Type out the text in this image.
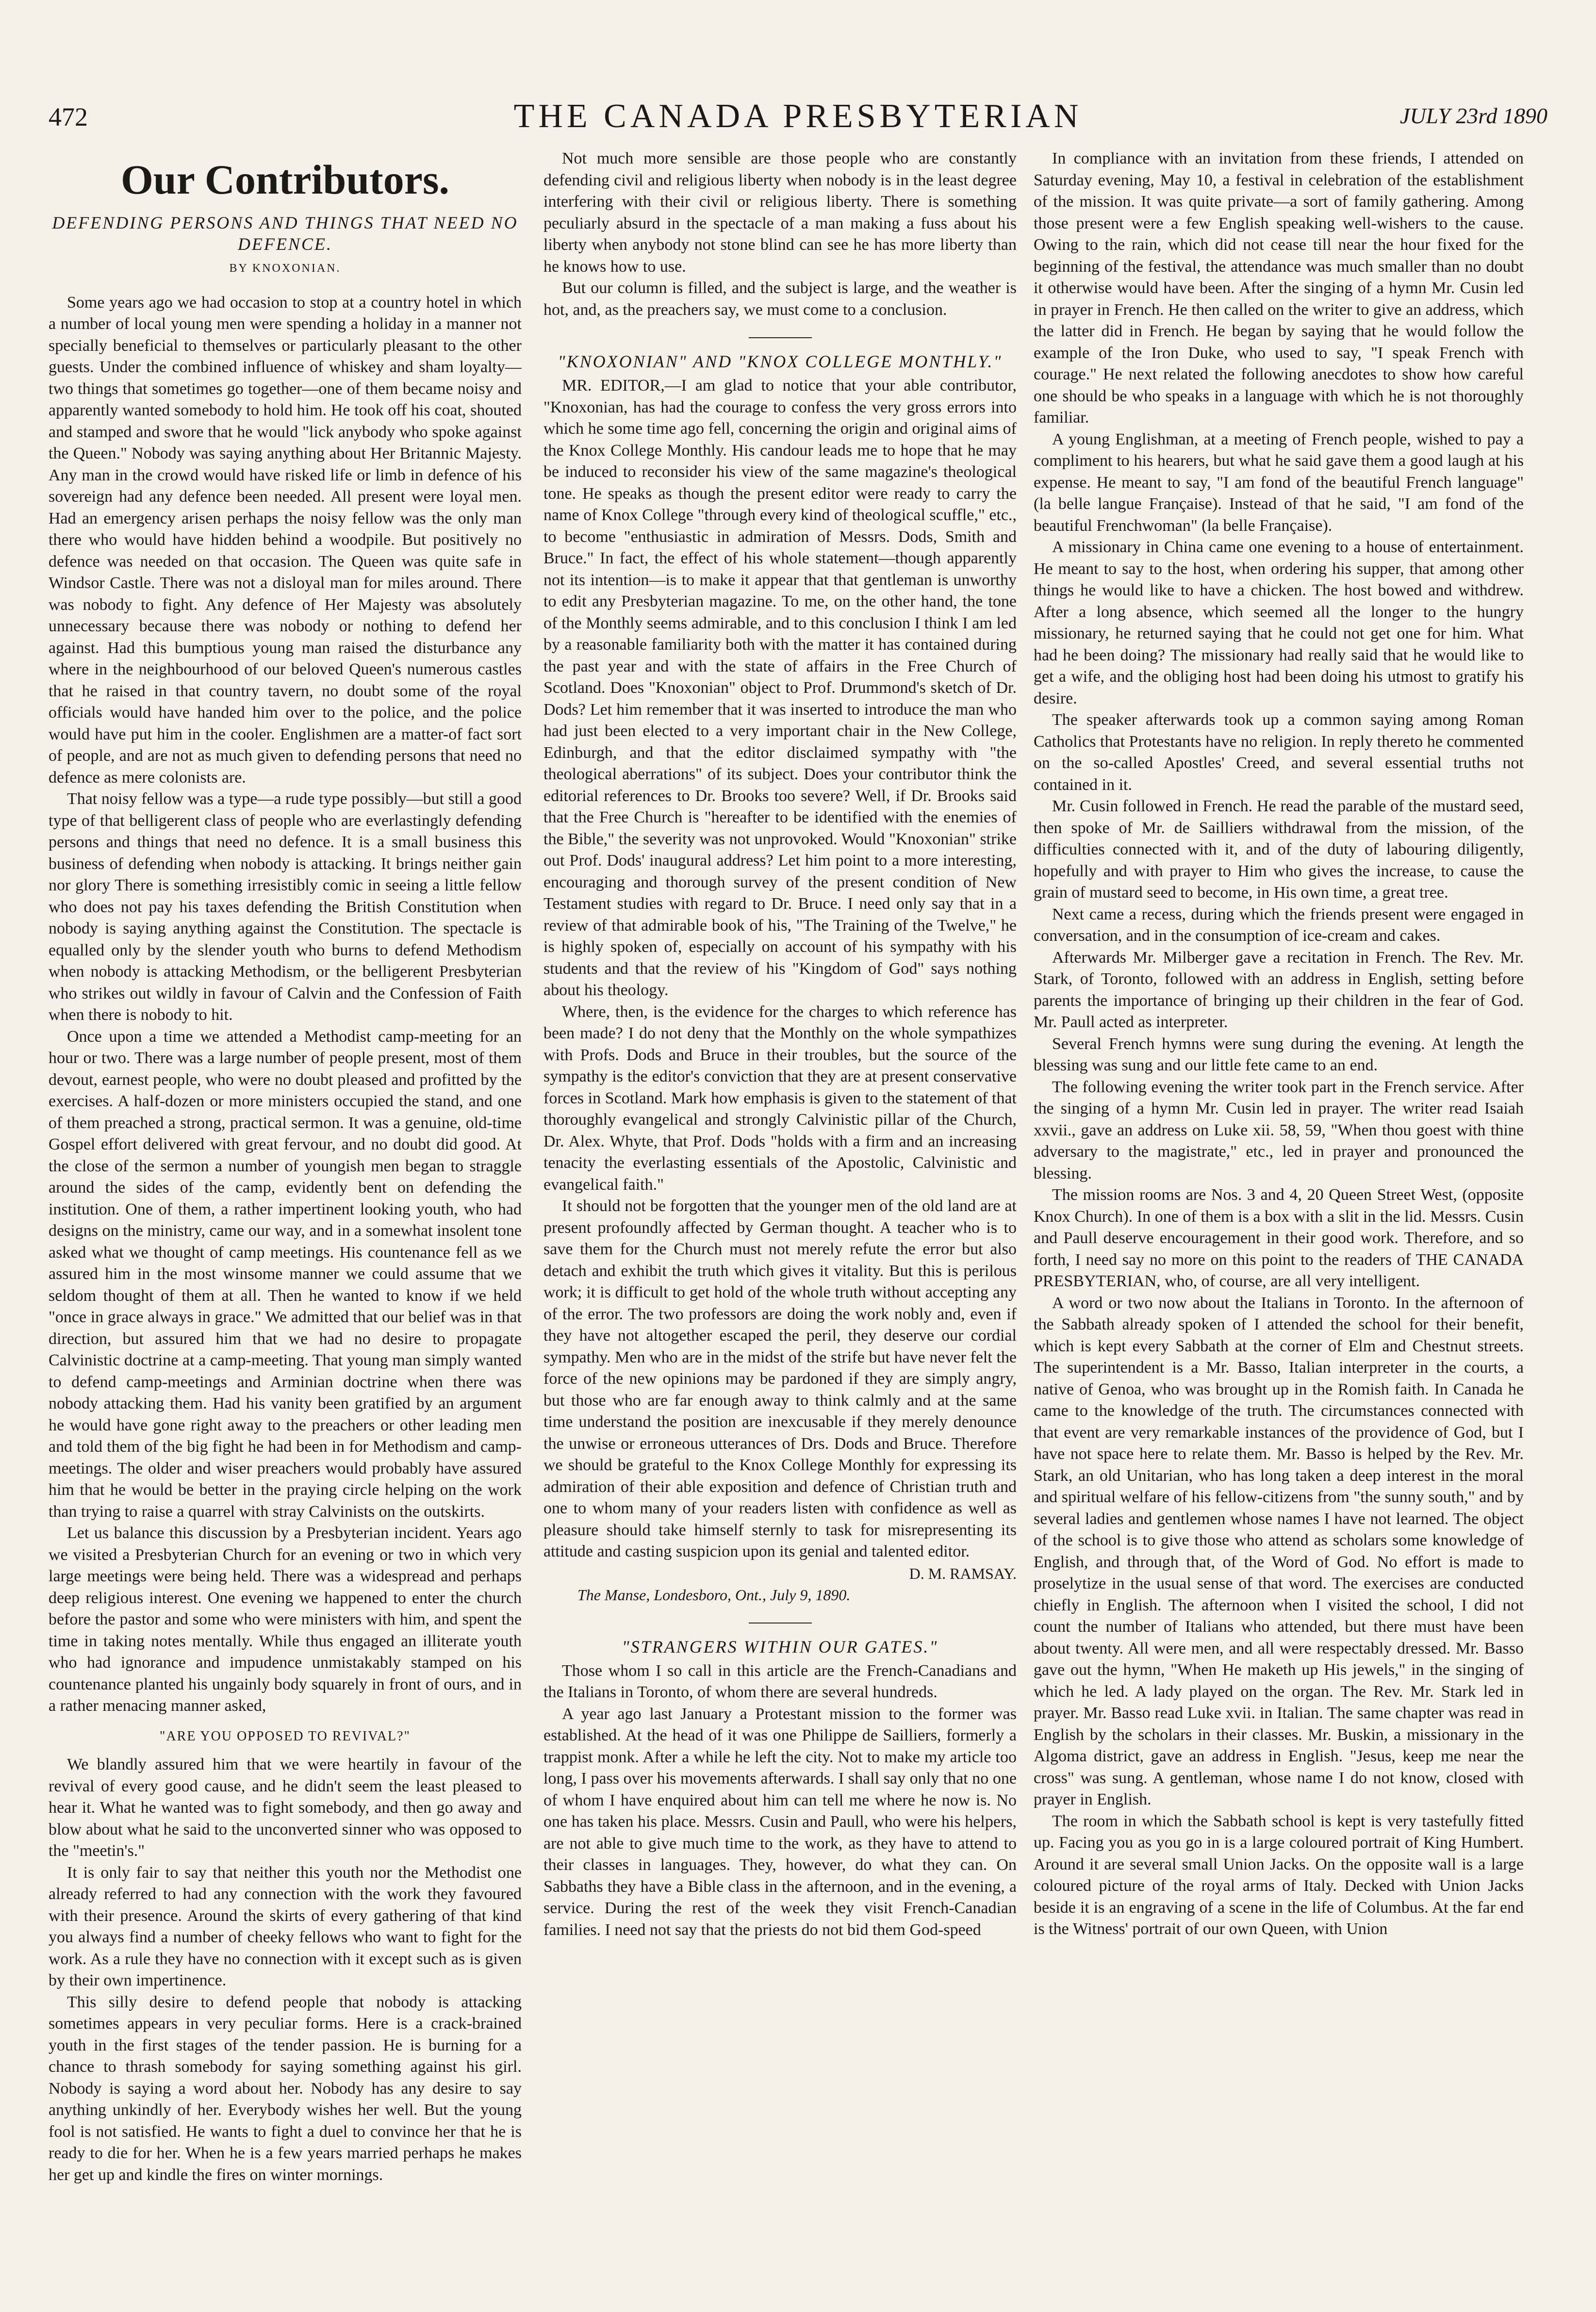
472	THE CANADA PRESBYTERIAN	JULY 23rd 1890
Our Contributors.
DEFENDING PERSONS AND THINGS THAT NEED NO DEFENCE.
BY KNOXONIAN.

Some years ago we had occasion to stop at a country hotel in which a number of local young men were spending a holiday in a manner not specially beneficial to themselves or particularly pleasant to the other guests. Under the combined influence of whiskey and sham loyalty—two things that sometimes go together—one of them became noisy and apparently wanted somebody to hold him. He took off his coat, shouted and stamped and swore that he would "lick anybody who spoke against the Queen." Nobody was saying anything about Her Britannic Majesty. Any man in the crowd would have risked life or limb in defence of his sovereign had any defence been needed. All present were loyal men. Had an emergency arisen perhaps the noisy fellow was the only man there who would have hidden behind a woodpile. But positively no defence was needed on that occasion. The Queen was quite safe in Windsor Castle. There was not a disloyal man for miles around. There was nobody to fight. Any defence of Her Majesty was absolutely unnecessary because there was nobody or nothing to defend her against. Had this bumptious young man raised the disturbance any where in the neighbourhood of our beloved Queen's numerous castles that he raised in that country tavern, no doubt some of the royal officials would have handed him over to the police, and the police would have put him in the cooler. Englishmen are a matter-of fact sort of people, and are not as much given to defending persons that need no defence as mere colonists are.

That noisy fellow was a type—a rude type possibly—but still a good type of that belligerent class of people who are everlastingly defending persons and things that need no defence. It is a small business this business of defending when nobody is attacking. It brings neither gain nor glory There is something irresistibly comic in seeing a little fellow who does not pay his taxes defending the British Constitution when nobody is saying anything against the Constitution. The spectacle is equalled only by the slender youth who burns to defend Methodism when nobody is attacking Methodism, or the belligerent Presbyterian who strikes out wildly in favour of Calvin and the Confession of Faith when there is nobody to hit.

Once upon a time we attended a Methodist camp-meeting for an hour or two. There was a large number of people present, most of them devout, earnest people, who were no doubt pleased and profitted by the exercises. A half-dozen or more ministers occupied the stand, and one of them preached a strong, practical sermon. It was a genuine, old-time Gospel effort delivered with great fervour, and no doubt did good. At the close of the sermon a number of youngish men began to straggle around the sides of the camp, evidently bent on defending the institution. One of them, a rather impertinent looking youth, who had designs on the ministry, came our way, and in a somewhat insolent tone asked what we thought of camp meetings. His countenance fell as we assured him in the most winsome manner we could assume that we seldom thought of them at all. Then he wanted to know if we held "once in grace always in grace." We admitted that our belief was in that direction, but assured him that we had no desire to propagate Calvinistic doctrine at a camp-meeting. That young man simply wanted to defend camp-meetings and Arminian doctrine when there was nobody attacking them. Had his vanity been gratified by an argument he would have gone right away to the preachers or other leading men and told them of the big fight he had been in for Methodism and camp-meetings. The older and wiser preachers would probably have assured him that he would be better in the praying circle helping on the work than trying to raise a quarrel with stray Calvinists on the outskirts.

Let us balance this discussion by a Presbyterian incident. Years ago we visited a Presbyterian Church for an evening or two in which very large meetings were being held. There was a widespread and perhaps deep religious interest. One evening we happened to enter the church before the pastor and some who were ministers with him, and spent the time in taking notes mentally. While thus engaged an illiterate youth who had ignorance and impudence unmistakably stamped on his countenance planted his ungainly body squarely in front of ours, and in a rather menacing manner asked,

"ARE YOU OPPOSED TO REVIVAL?"

We blandly assured him that we were heartily in favour of the revival of every good cause, and he didn't seem the least pleased to hear it. What he wanted was to fight somebody, and then go away and blow about what he said to the unconverted sinner who was opposed to the "meetin's."

It is only fair to say that neither this youth nor the Methodist one already referred to had any connection with the work they favoured with their presence. Around the skirts of every gathering of that kind you always find a number of cheeky fellows who want to fight for the work. As a rule they have no connection with it except such as is given by their own impertinence.

This silly desire to defend people that nobody is attacking sometimes appears in very peculiar forms. Here is a crack-brained youth in the first stages of the tender passion. He is burning for a chance to thrash somebody for saying something against his girl. Nobody is saying a word about her. Nobody has any desire to say anything unkindly of her. Everybody wishes her well. But the young fool is not satisfied. He wants to fight a duel to convince her that he is ready to die for her. When he is a few years married perhaps he makes her get up and kindle the fires on winter mornings.

Not much more sensible are those people who are constantly defending civil and religious liberty when nobody is in the least degree interfering with their civil or religious liberty. There is something peculiarly absurd in the spectacle of a man making a fuss about his liberty when anybody not stone blind can see he has more liberty than he knows how to use.

But our column is filled, and the subject is large, and the weather is hot, and, as the preachers say, we must come to a conclusion.

"KNOXONIAN" AND "KNOX COLLEGE MONTHLY."

MR. EDITOR,—I am glad to notice that your able contributor, "Knoxonian, has had the courage to confess the very gross errors into which he some time ago fell, concerning the origin and original aims of the Knox College Monthly. His candour leads me to hope that he may be induced to reconsider his view of the same magazine's theological tone. He speaks as though the present editor were ready to carry the name of Knox College "through every kind of theological scuffle," etc., to become "enthusiastic in admiration of Messrs. Dods, Smith and Bruce." In fact, the effect of his whole statement—though apparently not its intention—is to make it appear that that gentleman is unworthy to edit any Presbyterian magazine. To me, on the other hand, the tone of the Monthly seems admirable, and to this conclusion I think I am led by a reasonable familiarity both with the matter it has contained during the past year and with the state of affairs in the Free Church of Scotland. Does "Knoxonian" object to Prof. Drummond's sketch of Dr. Dods? Let him remember that it was inserted to introduce the man who had just been elected to a very important chair in the New College, Edinburgh, and that the editor disclaimed sympathy with "the theological aberrations" of its subject. Does your contributor think the editorial references to Dr. Brooks too severe? Well, if Dr. Brooks said that the Free Church is "hereafter to be identified with the enemies of the Bible," the severity was not unprovoked. Would "Knoxonian" strike out Prof. Dods' inaugural address? Let him point to a more interesting, encouraging and thorough survey of the present condition of New Testament studies with regard to Dr. Bruce. I need only say that in a review of that admirable book of his, "The Training of the Twelve," he is highly spoken of, especially on account of his sympathy with his students and that the review of his "Kingdom of God" says nothing about his theology.

Where, then, is the evidence for the charges to which reference has been made? I do not deny that the Monthly on the whole sympathizes with Profs. Dods and Bruce in their troubles, but the source of the sympathy is the editor's conviction that they are at present conservative forces in Scotland. Mark how emphasis is given to the statement of that thoroughly evangelical and strongly Calvinistic pillar of the Church, Dr. Alex. Whyte, that Prof. Dods "holds with a firm and an increasing tenacity the everlasting essentials of the Apostolic, Calvinistic and evangelical faith."

It should not be forgotten that the younger men of the old land are at present profoundly affected by German thought. A teacher who is to save them for the Church must not merely refute the error but also detach and exhibit the truth which gives it vitality. But this is perilous work; it is difficult to get hold of the whole truth without accepting any of the error. The two professors are doing the work nobly and, even if they have not altogether escaped the peril, they deserve our cordial sympathy. Men who are in the midst of the strife but have never felt the force of the new opinions may be pardoned if they are simply angry, but those who are far enough away to think calmly and at the same time understand the position are inexcusable if they merely denounce the unwise or erroneous utterances of Drs. Dods and Bruce. Therefore we should be grateful to the Knox College Monthly for expressing its admiration of their able exposition and defence of Christian truth and one to whom many of your readers listen with confidence as well as pleasure should take himself sternly to task for misrepresenting its attitude and casting suspicion upon its genial and talented editor.

D. M. RAMSAY.

The Manse, Londesboro, Ont., July 9, 1890.

"STRANGERS WITHIN OUR GATES."

Those whom I so call in this article are the French-Canadians and the Italians in Toronto, of whom there are several hundreds.

A year ago last January a Protestant mission to the former was established. At the head of it was one Philippe de Sailliers, formerly a trappist monk. After a while he left the city. Not to make my article too long, I pass over his movements afterwards. I shall say only that no one of whom I have enquired about him can tell me where he now is. No one has taken his place. Messrs. Cusin and Paull, who were his helpers, are not able to give much time to the work, as they have to attend to their classes in languages. They, however, do what they can. On Sabbaths they have a Bible class in the afternoon, and in the evening, a service. During the rest of the week they visit French-Canadian families. I need not say that the priests do not bid them God-speed

In compliance with an invitation from these friends, I attended on Saturday evening, May 10, a festival in celebration of the establishment of the mission. It was quite private—a sort of family gathering. Among those present were a few English speaking well-wishers to the cause. Owing to the rain, which did not cease till near the hour fixed for the beginning of the festival, the attendance was much smaller than no doubt it otherwise would have been. After the singing of a hymn Mr. Cusin led in prayer in French. He then called on the writer to give an address, which the latter did in French. He began by saying that he would follow the example of the Iron Duke, who used to say, "I speak French with courage." He next related the following anecdotes to show how careful one should be who speaks in a language with which he is not thoroughly familiar.

A young Englishman, at a meeting of French people, wished to pay a compliment to his hearers, but what he said gave them a good laugh at his expense. He meant to say, "I am fond of the beautiful French language" (la belle langue Française). Instead of that he said, "I am fond of the beautiful Frenchwoman" (la belle Française).

A missionary in China came one evening to a house of entertainment. He meant to say to the host, when ordering his supper, that among other things he would like to have a chicken. The host bowed and withdrew. After a long absence, which seemed all the longer to the hungry missionary, he returned saying that he could not get one for him. What had he been doing? The missionary had really said that he would like to get a wife, and the obliging host had been doing his utmost to gratify his desire.

The speaker afterwards took up a common saying among Roman Catholics that Protestants have no religion. In reply thereto he commented on the so-called Apostles' Creed, and several essential truths not contained in it.

Mr. Cusin followed in French. He read the parable of the mustard seed, then spoke of Mr. de Sailliers withdrawal from the mission, of the difficulties connected with it, and of the duty of labouring diligently, hopefully and with prayer to Him who gives the increase, to cause the grain of mustard seed to become, in His own time, a great tree.

Next came a recess, during which the friends present were engaged in conversation, and in the consumption of ice-cream and cakes.

Afterwards Mr. Milberger gave a recitation in French. The Rev. Mr. Stark, of Toronto, followed with an address in English, setting before parents the importance of bringing up their children in the fear of God. Mr. Paull acted as interpreter.

Several French hymns were sung during the evening. At length the blessing was sung and our little fete came to an end.

The following evening the writer took part in the French service. After the singing of a hymn Mr. Cusin led in prayer. The writer read Isaiah xxvii., gave an address on Luke xii. 58, 59, "When thou goest with thine adversary to the magistrate," etc., led in prayer and pronounced the blessing.

The mission rooms are Nos. 3 and 4, 20 Queen Street West, (opposite Knox Church). In one of them is a box with a slit in the lid. Messrs. Cusin and Paull deserve encouragement in their good work. Therefore, and so forth, I need say no more on this point to the readers of THE CANADA PRESBYTERIAN, who, of course, are all very intelligent.

A word or two now about the Italians in Toronto. In the afternoon of the Sabbath already spoken of I attended the school for their benefit, which is kept every Sabbath at the corner of Elm and Chestnut streets. The superintendent is a Mr. Basso, Italian interpreter in the courts, a native of Genoa, who was brought up in the Romish faith. In Canada he came to the knowledge of the truth. The circumstances connected with that event are very remarkable instances of the providence of God, but I have not space here to relate them. Mr. Basso is helped by the Rev. Mr. Stark, an old Unitarian, who has long taken a deep interest in the moral and spiritual welfare of his fellow-citizens from "the sunny south," and by several ladies and gentlemen whose names I have not learned. The object of the school is to give those who attend as scholars some knowledge of English, and through that, of the Word of God. No effort is made to proselytize in the usual sense of that word. The exercises are conducted chiefly in English. The afternoon when I visited the school, I did not count the number of Italians who attended, but there must have been about twenty. All were men, and all were respectably dressed. Mr. Basso gave out the hymn, "When He maketh up His jewels," in the singing of which he led. A lady played on the organ. The Rev. Mr. Stark led in prayer. Mr. Basso read Luke xvii. in Italian. The same chapter was read in English by the scholars in their classes. Mr. Buskin, a missionary in the Algoma district, gave an address in English. "Jesus, keep me near the cross" was sung. A gentleman, whose name I do not know, closed with prayer in English.

The room in which the Sabbath school is kept is very tastefully fitted up. Facing you as you go in is a large coloured portrait of King Humbert. Around it are several small Union Jacks. On the opposite wall is a large coloured picture of the royal arms of Italy. Decked with Union Jacks beside it is an engraving of a scene in the life of Columbus. At the far end is the Witness' portrait of our own Queen, with Union
